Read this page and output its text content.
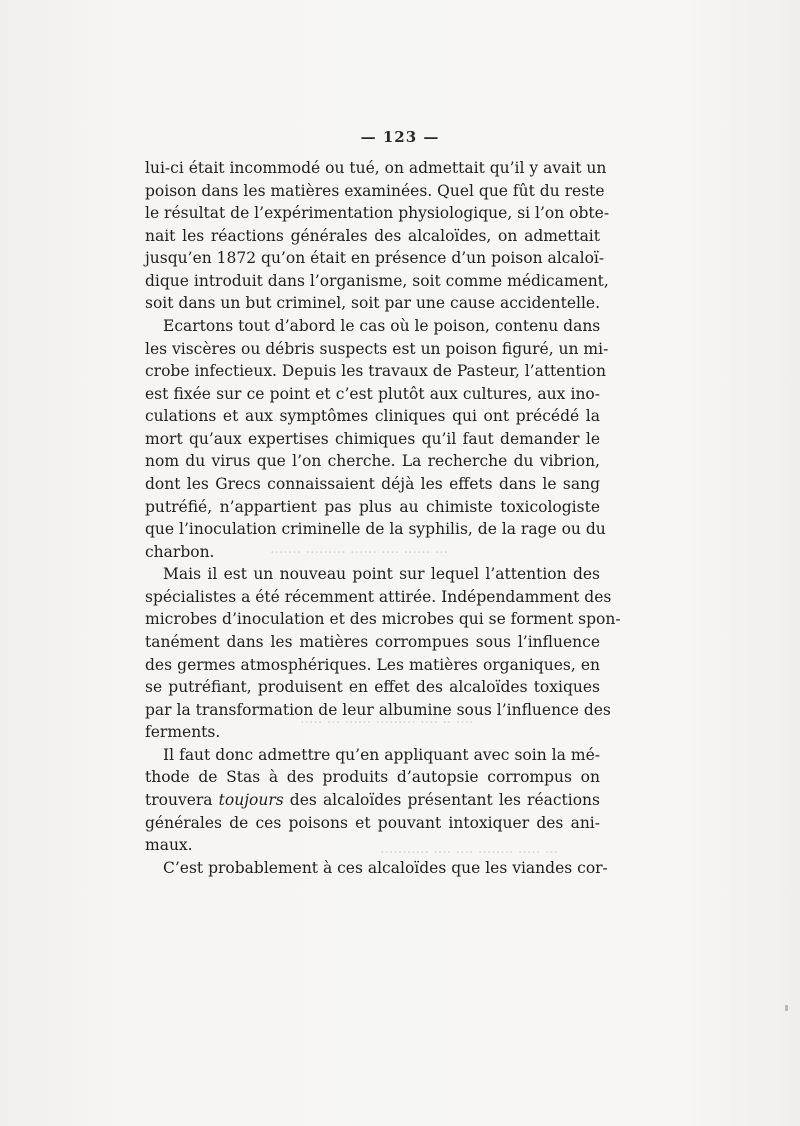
··· ······ ···· ······ ········· ·······
···· ·· ···· ········· ······ ··· ·····
··· ····· ········ ···· ···· ···········
— 123 —
lui-ci était incommodé ou tué, on admettait qu’il y avait un
poison dans les matières examinées. Quel que fût du reste
le résultat de l’expérimentation physiologique, si l’on obte-
nait les réactions générales des alcaloïdes, on admettait
jusqu’en 1872 qu’on était en présence d’un poison alcaloï-
dique introduit dans l’organisme, soit comme médicament,
soit dans un but criminel, soit par une cause accidentelle.
Ecartons tout d’abord le cas où le poison, contenu dans
les viscères ou débris suspects est un poison figuré, un mi-
crobe infectieux. Depuis les travaux de Pasteur, l’attention
est fixée sur ce point et c’est plutôt aux cultures, aux ino-
culations et aux symptômes cliniques qui ont précédé la
mort qu’aux expertises chimiques qu’il faut demander le
nom du virus que l’on cherche. La recherche du vibrion,
dont les Grecs connaissaient déjà les effets dans le sang
putréfié, n’appartient pas plus au chimiste toxicologiste
que l’inoculation criminelle de la syphilis, de la rage ou du
charbon.
Mais il est un nouveau point sur lequel l’attention des
spécialistes a été récemment attirée. Indépendamment des
microbes d’inoculation et des microbes qui se forment spon-
tanément dans les matières corrompues sous l’influence
des germes atmosphériques. Les matières organiques, en
se putréfiant, produisent en effet des alcaloïdes toxiques
par la transformation de leur albumine sous l’influence des
ferments.
Il faut donc admettre qu’en appliquant avec soin la mé-
thode de Stas à des produits d’autopsie corrompus on
trouvera toujours des alcaloïdes présentant les réactions
générales de ces poisons et pouvant intoxiquer des ani-
maux.
C’est probablement à ces alcaloïdes que les viandes cor-
